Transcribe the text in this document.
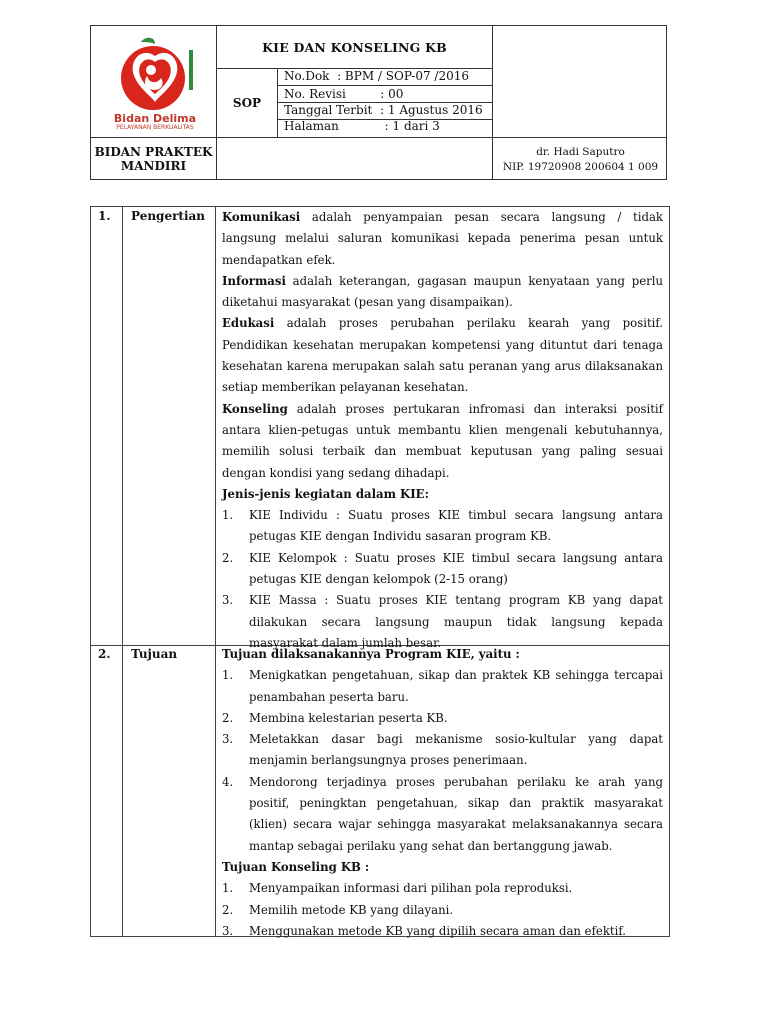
Bidan Delima
PELAYANAN BERKUALITAS
KIE DAN KONSELING KB
SOP
No.Dok  : BPM / SOP-07 /2016
No. Revisi         : 00
Tanggal Terbit  : 1 Agustus 2016
Halaman            : 1 dari 3
BIDAN PRAKTEK
MANDIRI
dr. Hadi Saputro
NIP. 19720908 200604 1 009
1. Pengertian Komunikasi adalah penyampaian pesan secara langsung / tidak langsung melalui saluran komunikasi kepada penerima pesan untuk mendapatkan efek.

Informasi adalah keterangan, gagasan maupun kenyataan yang perlu diketahui masyarakat (pesan yang disampaikan).

Edukasi adalah proses perubahan perilaku kearah yang positif. Pendidikan kesehatan merupakan kompetensi yang dituntut dari tenaga kesehatan karena merupakan salah satu peranan yang arus dilaksanakan setiap memberikan pelayanan kesehatan.

Konseling adalah proses pertukaran infromasi dan interaksi positif antara klien-petugas untuk membantu klien mengenali kebutuhannya, memilih solusi terbaik dan membuat keputusan yang paling sesuai dengan kondisi yang sedang dihadapi.

Jenis-jenis kegiatan dalam KIE:

1. KIE Individu : Suatu proses KIE timbul secara langsung antara petugas KIE dengan Individu sasaran program KB.
2. KIE Kelompok : Suatu proses KIE timbul secara langsung antara petugas KIE dengan kelompok (2-15 orang)
3. KIE Massa : Suatu proses KIE tentang program KB yang dapat dilakukan secara langsung maupun tidak langsung kepada masyarakat dalam jumlah besar.
2. Tujuan	Tujuan dilaksanakannya Program KIE, yaitu :

1. Menigkatkan pengetahuan, sikap dan praktek KB sehingga tercapai penambahan peserta baru.
2. Membina kelestarian peserta KB.
3. Meletakkan dasar bagi mekanisme sosio-kultular yang dapat menjamin berlangsungnya proses penerimaan.
4. Mendorong terjadinya proses perubahan perilaku ke arah yang positif, peningktan pengetahuan, sikap dan praktik masyarakat (klien) secara wajar sehingga masyarakat melaksanakannya secara mantap sebagai perilaku yang sehat dan bertanggung jawab.

Tujuan Konseling KB :

1. Menyampaikan informasi dari pilihan pola reproduksi.
2. Memilih metode KB yang dilayani.
3. Menggunakan metode KB yang dipilih secara aman dan efektif.
